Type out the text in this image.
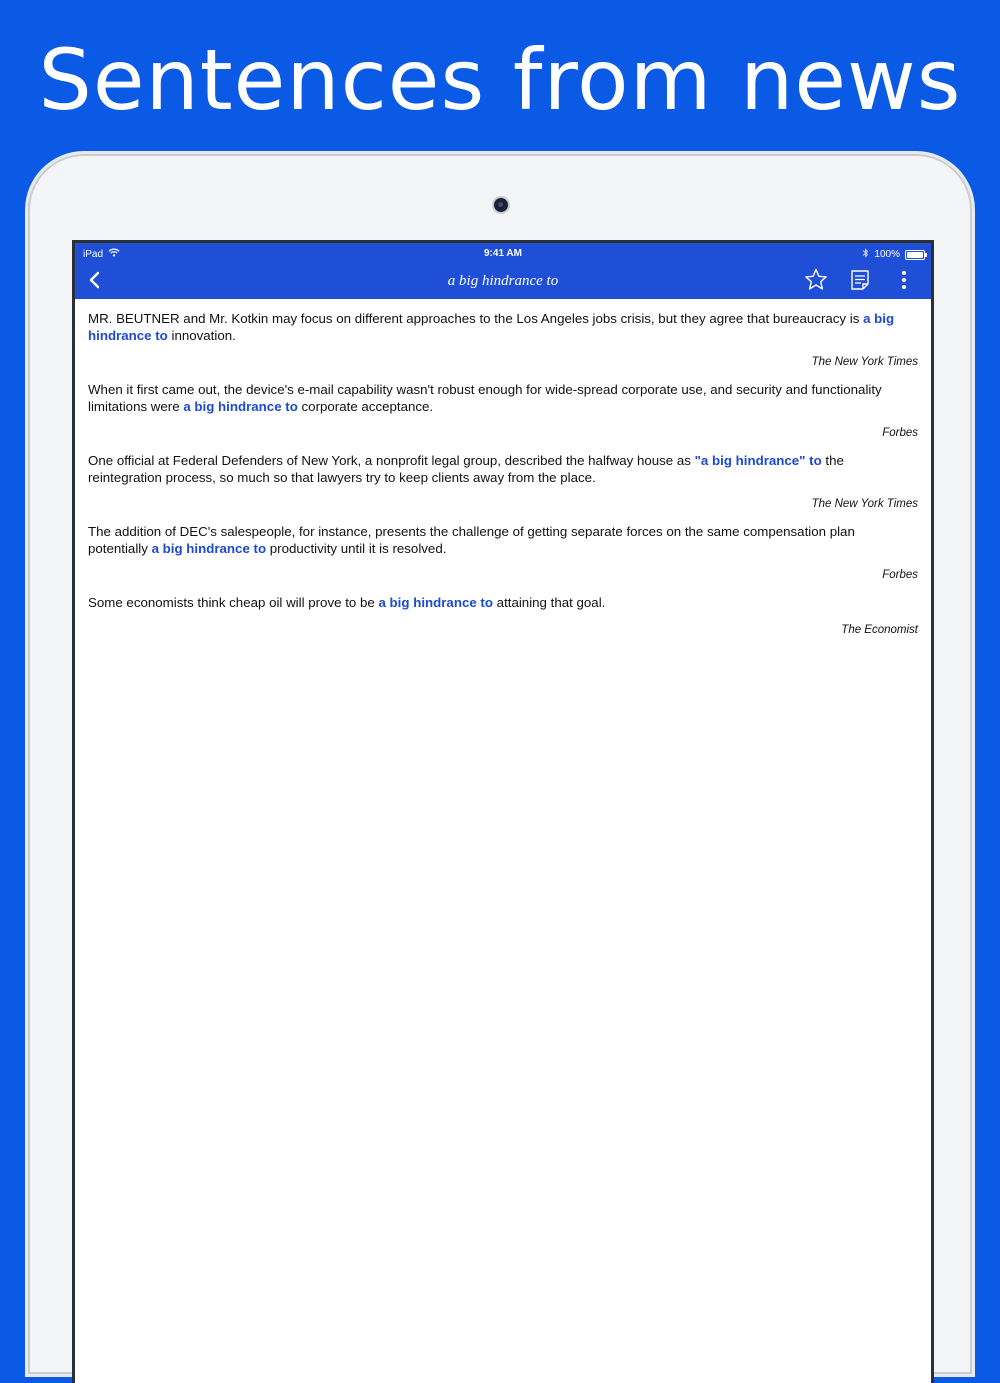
Sentences from news
iPad	9:41 AM	100%
a big hindrance to

MR. BEUTNER and Mr. Kotkin may focus on different approaches to the Los Angeles jobs crisis, but they agree that bureaucracy is a big hindrance to innovation.

The New York Times

When it first came out, the device's e-mail capability wasn't robust enough for wide-spread corporate use, and security and functionality limitations were a big hindrance to corporate acceptance.

Forbes

One official at Federal Defenders of New York, a nonprofit legal group, described the halfway house as "a big hindrance" to the reintegration process, so much so that lawyers try to keep clients away from the place.

The New York Times

The addition of DEC's salespeople, for instance, presents the challenge of getting separate forces on the same compensation plan potentially a big hindrance to productivity until it is resolved.

Forbes

Some economists think cheap oil will prove to be a big hindrance to attaining that goal.

The Economist
